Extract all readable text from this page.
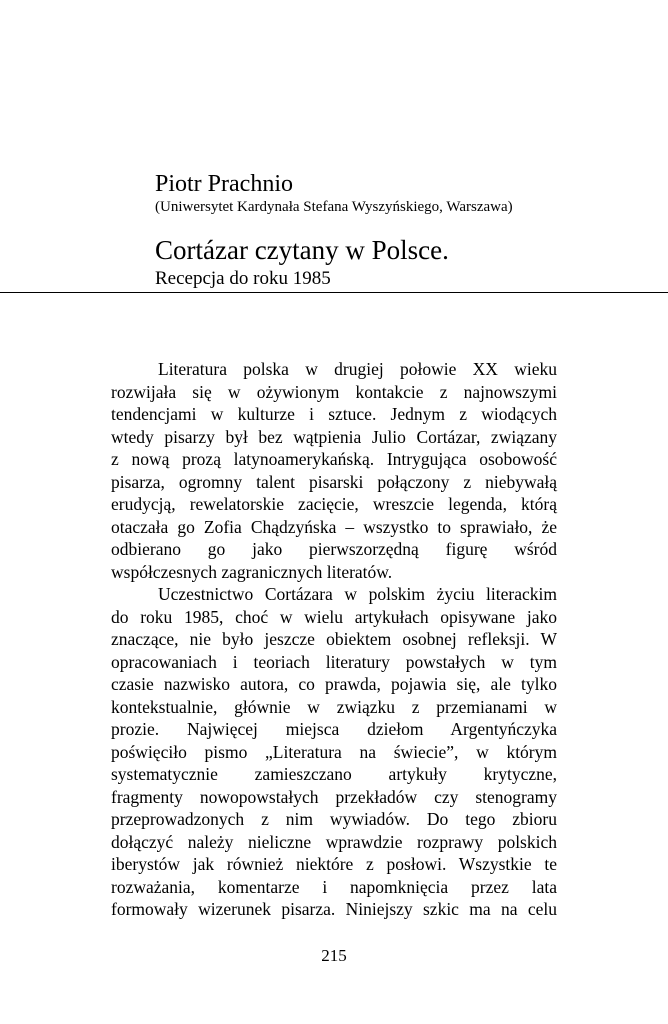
Piotr Prachnio
(Uniwersytet Kardynała Stefana Wyszyńskiego, Warszawa)
Cortázar czytany w Polsce.
Recepcja do roku 1985
Literatura polska w drugiej połowie XX wieku
rozwijała się w ożywionym kontakcie z najnowszymi
tendencjami w kulturze i sztuce. Jednym z wiodących
wtedy pisarzy był bez wątpienia Julio Cortázar, związany
z nową prozą latynoamerykańską. Intrygująca osobowość
pisarza, ogromny talent pisarski połączony z niebywałą
erudycją, rewelatorskie zacięcie, wreszcie legenda, którą
otaczała go Zofia Chądzyńska – wszystko to sprawiało, że
odbierano go jako pierwszorzędną figurę wśród
współczesnych zagranicznych literatów.
Uczestnictwo Cortázara w polskim życiu literackim
do roku 1985, choć w wielu artykułach opisywane jako
znaczące, nie było jeszcze obiektem osobnej refleksji. W
opracowaniach i teoriach literatury powstałych w tym
czasie nazwisko autora, co prawda, pojawia się, ale tylko
kontekstualnie, głównie w związku z przemianami w
prozie. Najwięcej miejsca dziełom Argentyńczyka
poświęciło pismo „Literatura na świecie”, w którym
systematycznie zamieszczano artykuły krytyczne,
fragmenty nowopowstałych przekładów czy stenogramy
przeprowadzonych z nim wywiadów. Do tego zbioru
dołączyć należy nieliczne wprawdzie rozprawy polskich
iberystów jak również niektóre z posłowi. Wszystkie te
rozważania, komentarze i napomknięcia przez lata
formowały wizerunek pisarza. Niniejszy szkic ma na celu
215
